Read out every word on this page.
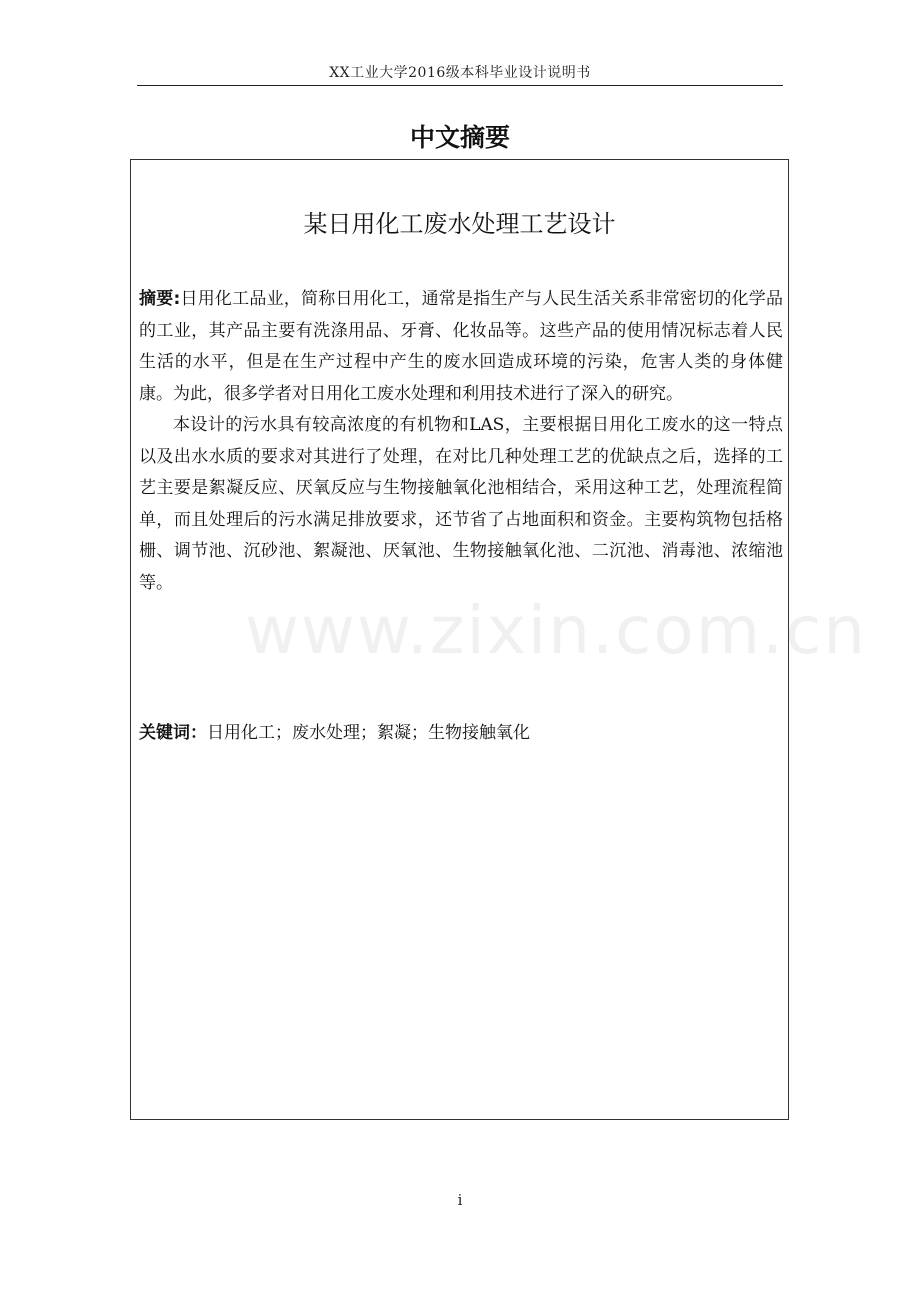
XX工业大学2016级本科毕业设计说明书
中文摘要
某日用化工废水处理工艺设计

摘要:日用化工品业，简称日用化工，通常是指生产与人民生活关系非常密切的化学品的工业，其产品主要有洗涤用品、牙膏、化妆品等。这些产品的使用情况标志着人民生活的水平，但是在生产过程中产生的废水回造成环境的污染，危害人类的身体健康。为此，很多学者对日用化工废水处理和利用技术进行了深入的研究。

本设计的污水具有较高浓度的有机物和LAS，主要根据日用化工废水的这一特点以及出水水质的要求对其进行了处理，在对比几种处理工艺的优缺点之后，选择的工艺主要是絮凝反应、厌氧反应与生物接触氧化池相结合，采用这种工艺，处理流程简单，而且处理后的污水满足排放要求，还节省了占地面积和资金。主要构筑物包括格栅、调节池、沉砂池、絮凝池、厌氧池、生物接触氧化池、二沉池、消毒池、浓缩池等。

关键词：日用化工；废水处理；絮凝；生物接触氧化
www.zixin.com.cn
i
